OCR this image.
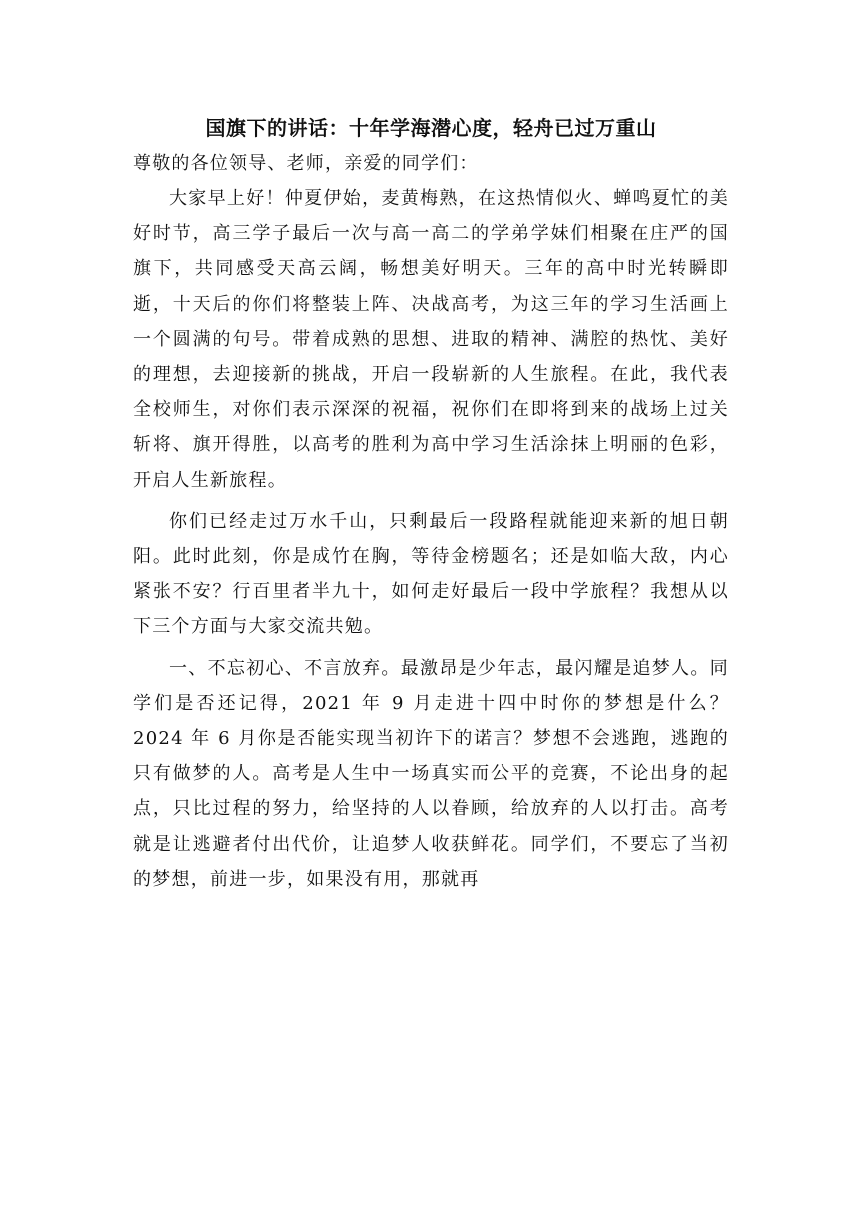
国旗下的讲话：十年学海潜心度，轻舟已过万重山

尊敬的各位领导、老师，亲爱的同学们：

大家早上好！仲夏伊始，麦黄梅熟，在这热情似火、蝉鸣夏忙的美好时节，高三学子最后一次与高一高二的学弟学妹们相聚在庄严的国旗下，共同感受天高云阔，畅想美好明天。三年的高中时光转瞬即逝，十天后的你们将整装上阵、决战高考，为这三年的学习生活画上一个圆满的句号。带着成熟的思想、进取的精神、满腔的热忱、美好的理想，去迎接新的挑战，开启一段崭新的人生旅程。在此，我代表全校师生，对你们表示深深的祝福，祝你们在即将到来的战场上过关斩将、旗开得胜，以高考的胜利为高中学习生活涂抹上明丽的色彩，开启人生新旅程。

你们已经走过万水千山，只剩最后一段路程就能迎来新的旭日朝阳。此时此刻，你是成竹在胸，等待金榜题名；还是如临大敌，内心紧张不安？行百里者半九十，如何走好最后一段中学旅程？我想从以下三个方面与大家交流共勉。

一、不忘初心、不言放弃。最激昂是少年志，最闪耀是追梦人。同学们是否还记得，2021 年 9 月走进十四中时你的梦想是什么？2024 年 6 月你是否能实现当初许下的诺言？梦想不会逃跑，逃跑的只有做梦的人。高考是人生中一场真实而公平的竞赛，不论出身的起点，只比过程的努力，给坚持的人以眷顾，给放弃的人以打击。高考就是让逃避者付出代价，让追梦人收获鲜花。同学们，不要忘了当初的梦想，前进一步，如果没有用，那就再
